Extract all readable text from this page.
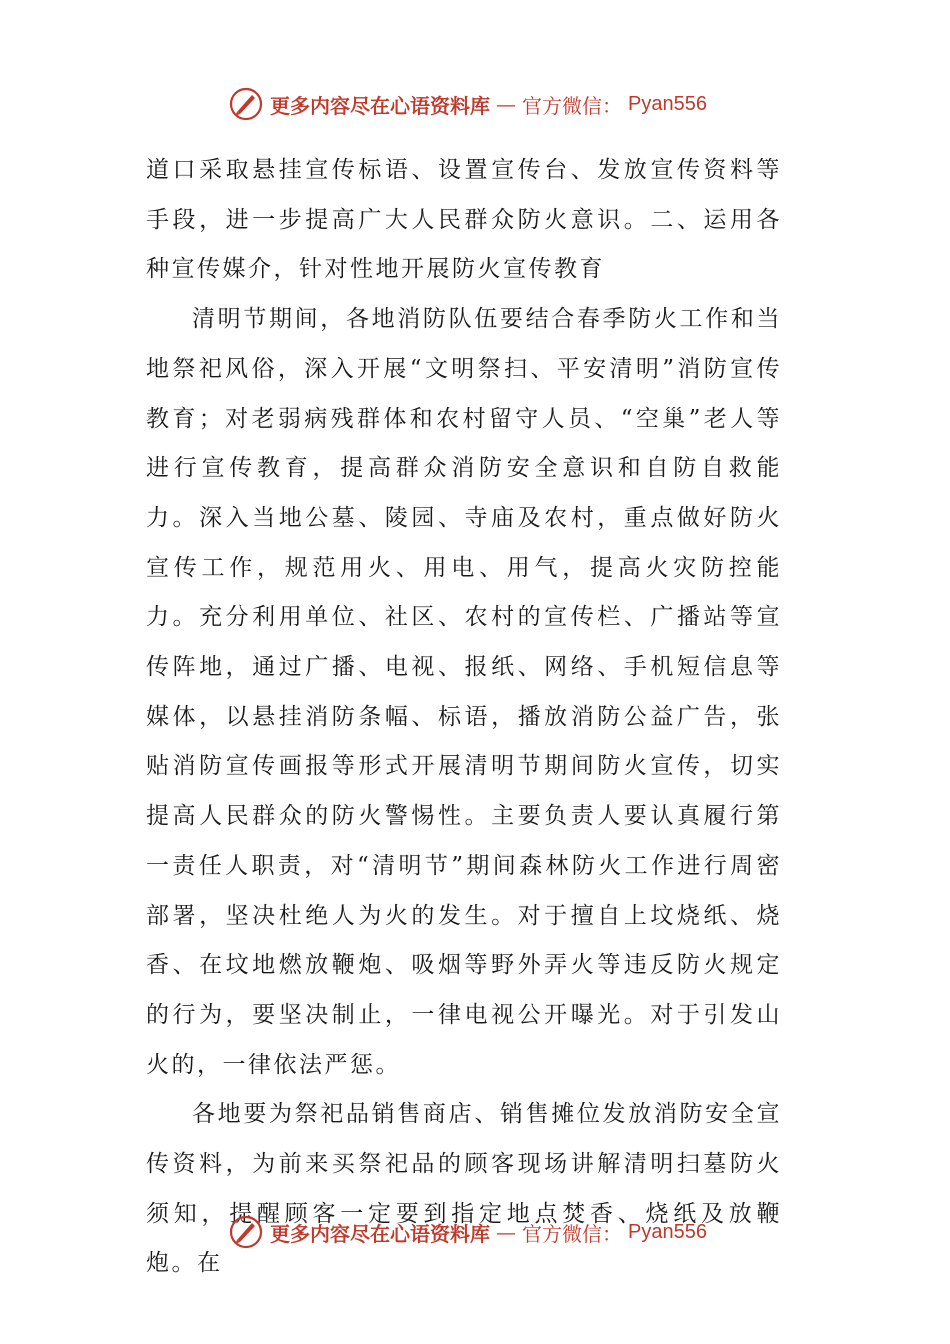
更多内容尽在心语资料库 — 官方微信： Pyan556

道口采取悬挂宣传标语、设置宣传台、发放宣传资料等手段，进一步提高广大人民群众防火意识。二、运用各种宣传媒介，针对性地开展防火宣传教育

清明节期间，各地消防队伍要结合春季防火工作和当地祭祀风俗，深入开展“文明祭扫、平安清明”消防宣传教育；对老弱病残群体和农村留守人员、“空巢”老人等进行宣传教育，提高群众消防安全意识和自防自救能力。深入当地公墓、陵园、寺庙及农村，重点做好防火宣传工作，规范用火、用电、用气，提高火灾防控能力。充分利用单位、社区、农村的宣传栏、广播站等宣传阵地，通过广播、电视、报纸、网络、手机短信息等媒体，以悬挂消防条幅、标语，播放消防公益广告，张贴消防宣传画报等形式开展清明节期间防火宣传，切实提高人民群众的防火警惕性。主要负责人要认真履行第一责任人职责，对“清明节”期间森林防火工作进行周密部署，坚决杜绝人为火的发生。对于擅自上坟烧纸、烧香、在坟地燃放鞭炮、吸烟等野外弄火等违反防火规定的行为，要坚决制止，一律电视公开曝光。对于引发山火的，一律依法严惩。

各地要为祭祀品销售商店、销售摊位发放消防安全宣传资料，为前来买祭祀品的顾客现场讲解清明扫墓防火须知，提醒顾客一定要到指定地点焚香、烧纸及放鞭炮。在

更多内容尽在心语资料库 — 官方微信： Pyan556
